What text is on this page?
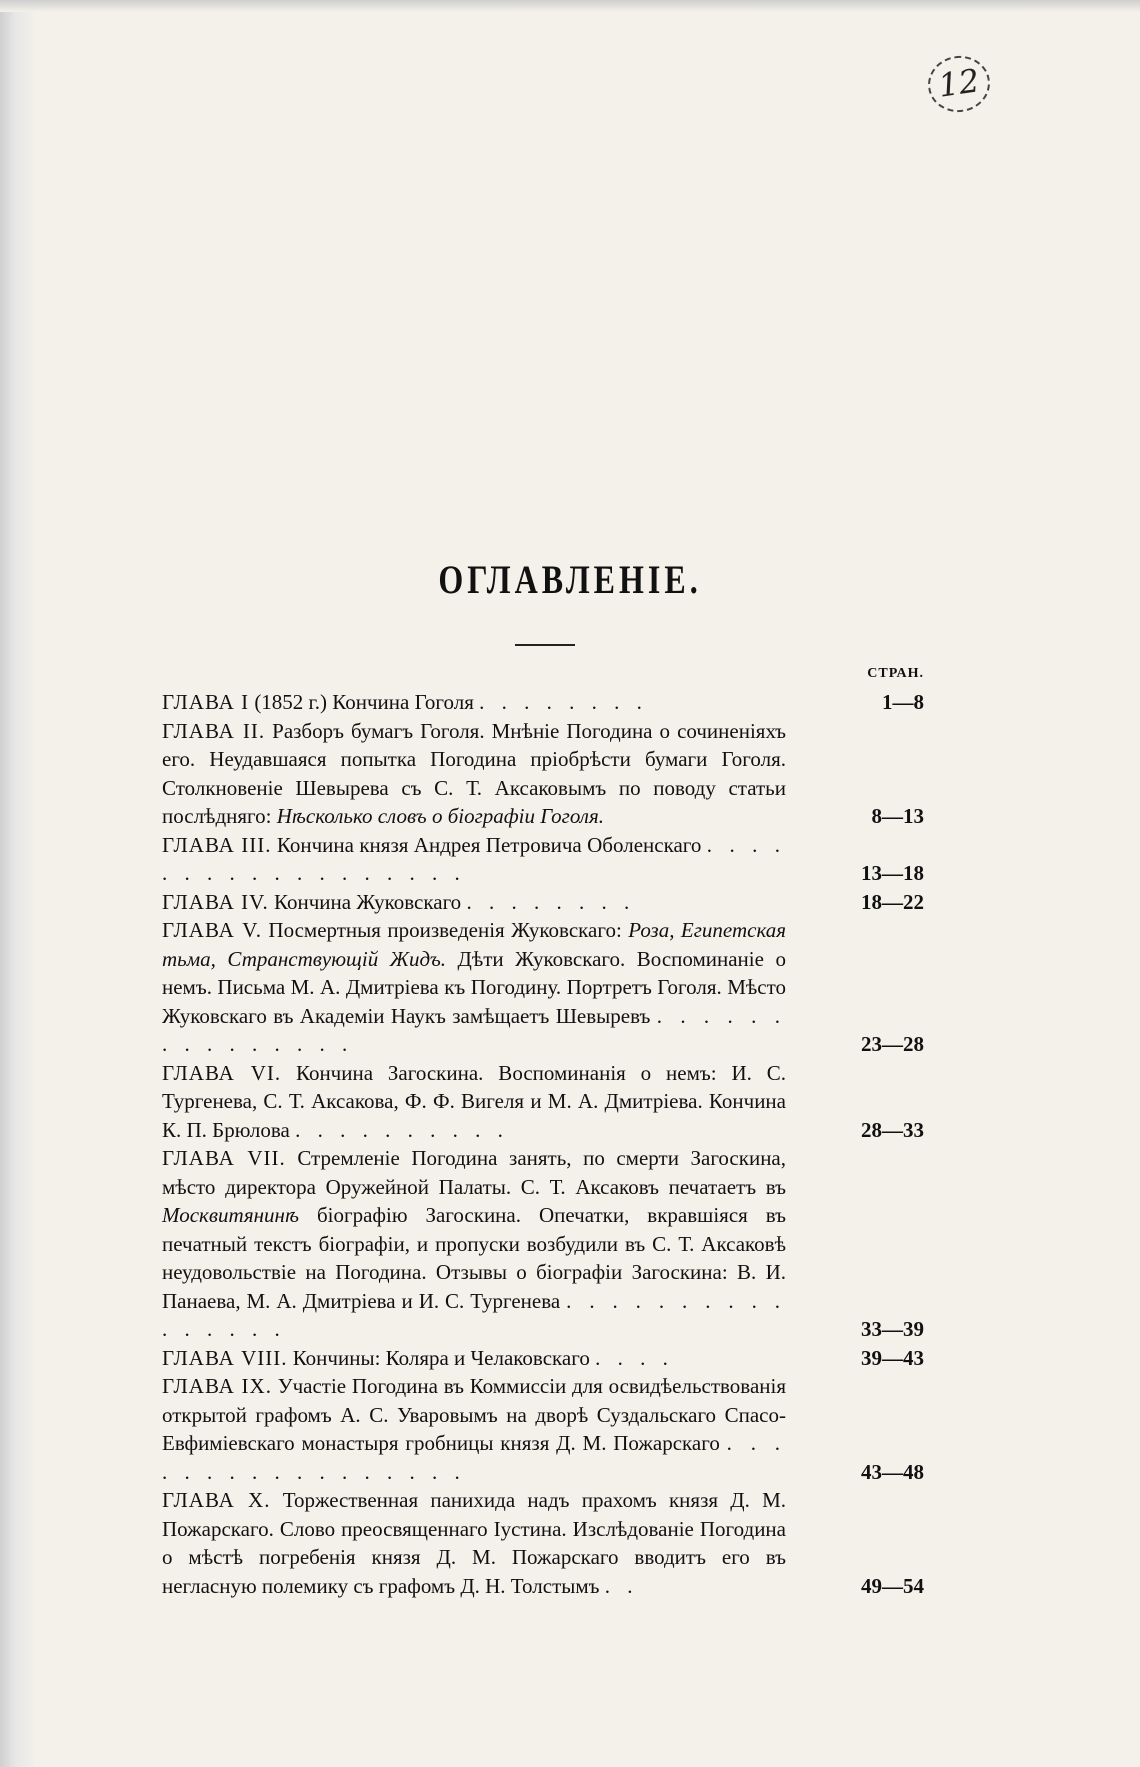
12
ОГЛАВЛЕНІЕ.
СТРАН.
ГЛАВА I (1852 г.) Кончина Гоголя . . . . . . . .	1—8
ГЛАВА II. Разборъ бумагъ Гоголя. Мнѣніе Погодина о сочиненіяхъ его. Неудавшаяся попытка Погодина пріобрѣсти бумаги Гоголя. Столкновеніе Шевырева съ С. Т. Аксаковымъ по поводу статьи послѣдняго: Нѣсколько словъ о біографіи Гоголя.	8—13
ГЛАВА III. Кончина князя Андрея Петровича Оболенскаго . . . . . . . . . . . . . . . . . .	13—18
ГЛАВА IV. Кончина Жуковскаго . . . . . . . .	18—22
ГЛАВА V. Посмертныя произведенія Жуковскаго: Роза, Египетская тьма, Странствующій Жидъ. Дѣти Жуковскаго. Воспоминаніе о немъ. Письма М. А. Дмитріева къ Погодину. Портретъ Гоголя. Мѣсто Жуковскаго въ Академіи Наукъ замѣщаетъ Шевыревъ . . . . . . . . . . . . . . .	23—28
ГЛАВА VI. Кончина Загоскина. Воспоминанія о немъ: И. С. Тургенева, С. Т. Аксакова, Ф. Ф. Вигеля и М. А. Дмитріева. Кончина К. П. Брюлова . . . . . . . . . .	28—33
ГЛАВА VII. Стремленіе Погодина занять, по смерти Загоскина, мѣсто директора Оружейной Палаты. С. Т. Аксаковъ печатаетъ въ Москвитянинѣ біографію Загоскина. Опечатки, вкравшіяся въ печатный текстъ біографіи, и пропуски возбудили въ С. Т. Аксаковѣ неудовольствіе на Погодина. Отзывы о біографіи Загоскина: В. И. Панаева, М. А. Дмитріева и И. С. Тургенева . . . . . . . . . . . . . . . .	33—39
ГЛАВА VIII. Кончины: Коляра и Челаковскаго . . . .	39—43
ГЛАВА IX. Участіе Погодина въ Коммиссіи для освидѣельствованія открытой графомъ А. С. Уваровымъ на дворѣ Суздальскаго Спасо-Евфиміевскаго монастыря гробницы князя Д. М. Пожарскаго . . . . . . . . . . . . . . . . .	43—48
ГЛАВА X. Торжественная панихида надъ прахомъ князя Д. М. Пожарскаго. Слово преосвященнаго Іустина. Изслѣдованіе Погодина о мѣстѣ погребенія князя Д. М. Пожарскаго вводитъ его въ негласную полемику съ графомъ Д. Н. Толстымъ . .	49—54
